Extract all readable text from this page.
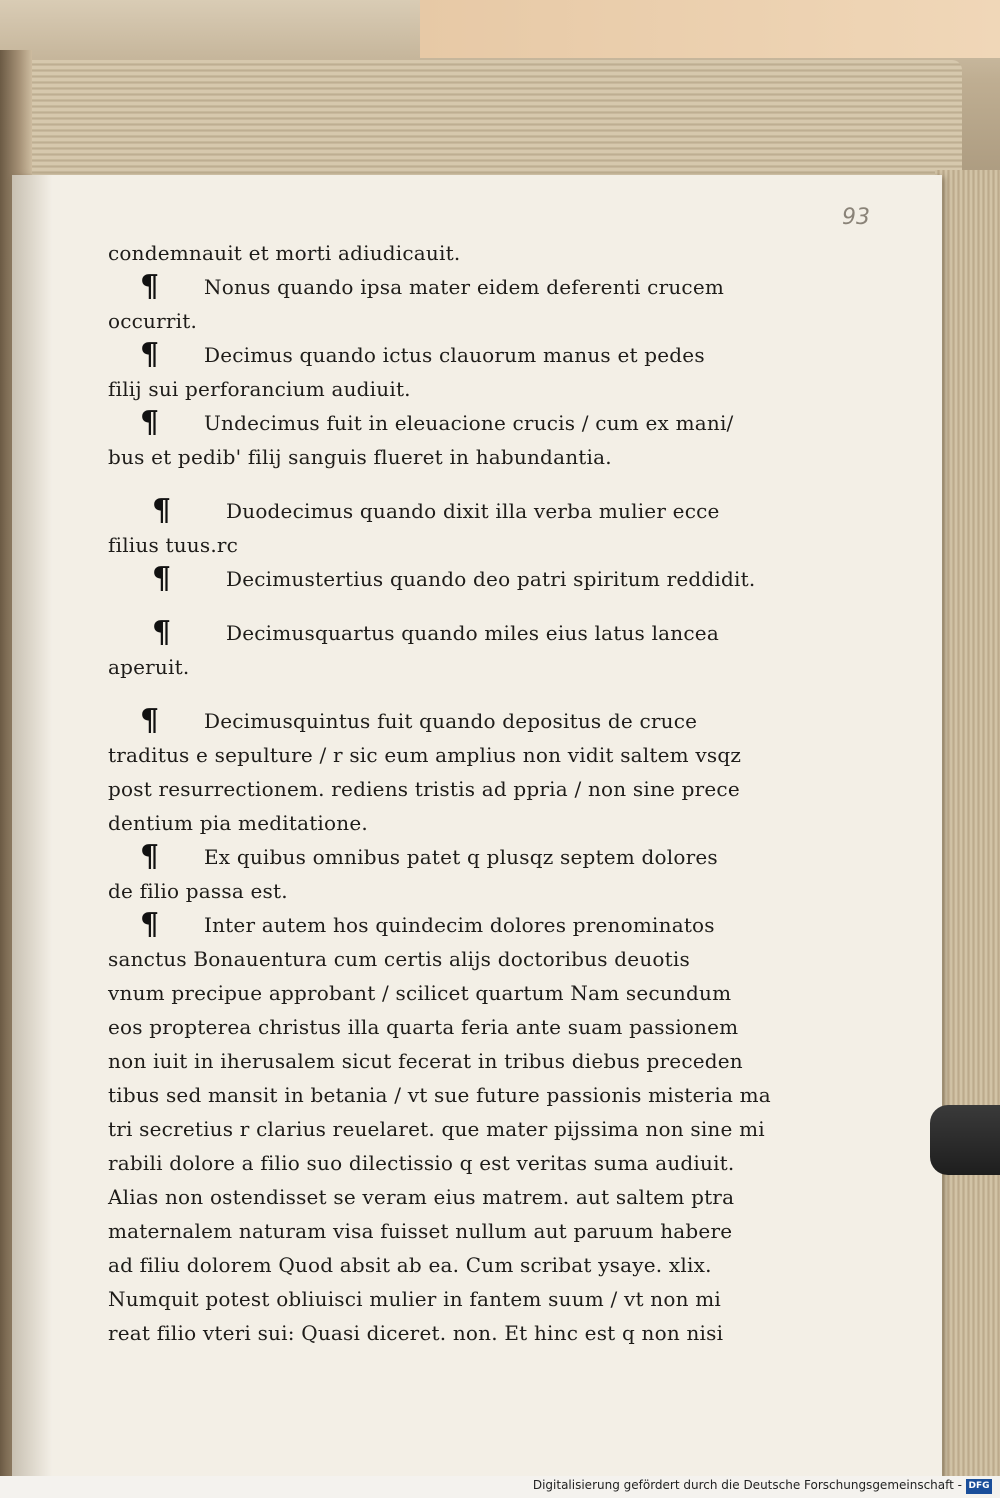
93
condemnauit et morti adiudicauit.
¶ Nonus quando ipsa mater eidem deferenti crucem
occurrit.
¶ Decimus quando ictus clauorum manus et pedes
filij sui perforancium audiuit.
¶ Undecimus fuit in eleuacione crucis / cum ex mani/
bus et pedib' filij sanguis flueret in habundantia.
¶	Duodecimus quando dixit illa verba mulier ecce
filius tuus.rc
¶	Decimustertius quando deo patri spiritum reddidit.
¶	Decimusquartus quando miles eius latus lancea
aperuit.
¶ Decimusquintus fuit quando depositus de cruce
traditus e sepulture / r sic eum amplius non vidit saltem vsqz
post resurrectionem. rediens tristis ad ppria / non sine prece
dentium pia meditatione.
¶ Ex quibus omnibus patet q plusqz septem dolores
de filio passa est.
¶ Inter autem hos quindecim dolores prenominatos
sanctus Bonauentura cum certis alijs doctoribus deuotis
vnum precipue approbant / scilicet quartum Nam secundum
eos propterea christus illa quarta feria ante suam passionem
non iuit in iherusalem sicut fecerat in tribus diebus preceden
tibus sed mansit in betania / vt sue future passionis misteria ma
tri secretius r clarius reuelaret. que mater pijssima non sine mi
rabili dolore a filio suo dilectissio q est veritas suma audiuit.
Alias non ostendisset se veram eius matrem. aut saltem ptra
maternalem naturam visa fuisset nullum aut paruum habere
ad filiu dolorem Quod absit ab ea. Cum scribat ysaye. xlix.
Numquit potest obliuisci mulier in fantem suum / vt non mi
reat filio vteri sui: Quasi diceret. non. Et hinc est q non nisi
Digitalisierung gefördert durch die Deutsche Forschungsgemeinschaft - DFG
